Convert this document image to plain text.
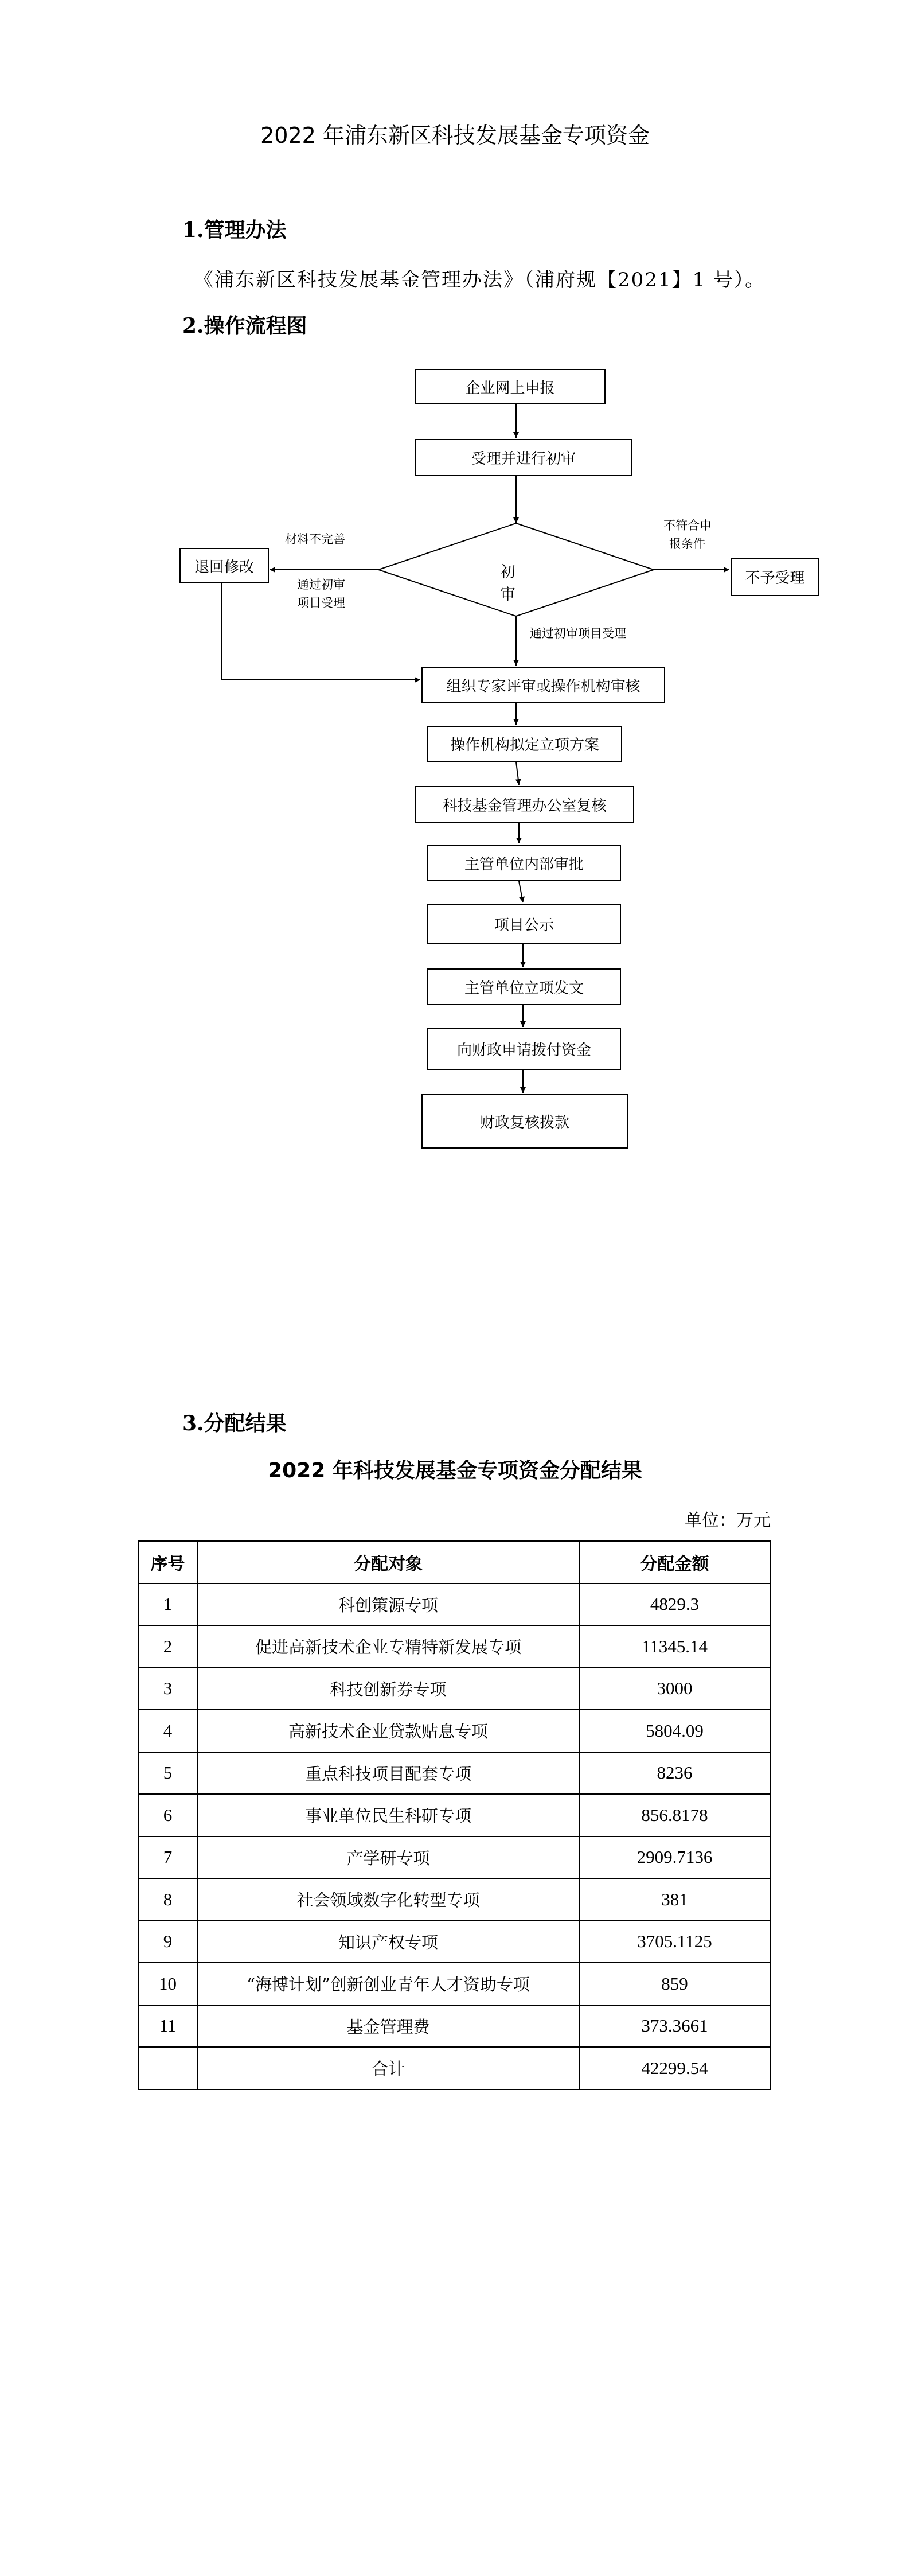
2022 年浦东新区科技发展基金专项资金
1.管理办法
《浦东新区科技发展基金管理办法》（浦府规【2021】1 号）。
2.操作流程图
企业网上申报
受理并进行初审
初审
退回修改
不予受理
材料不完善
通过初审
项目受理
不符合申
报条件
通过初审项目受理
组织专家评审或操作机构审核
操作机构拟定立项方案
科技基金管理办公室复核
主管单位内部审批
项目公示
主管单位立项发文
向财政申请拨付资金
财政复核拨款
3.分配结果
2022 年科技发展基金专项资金分配结果
单位：万元
序号	分配对象	分配金额
1	科创策源专项	4829.3
2	促进高新技术企业专精特新发展专项	11345.14
3	科技创新券专项	3000
4	高新技术企业贷款贴息专项	5804.09
5	重点科技项目配套专项	8236
6	事业单位民生科研专项	856.8178
7	产学研专项	2909.7136
8	社会领域数字化转型专项	381
9	知识产权专项	3705.1125
10	“海博计划”创新创业青年人才资助专项	859
11	基金管理费	373.3661
	合计	42299.54
